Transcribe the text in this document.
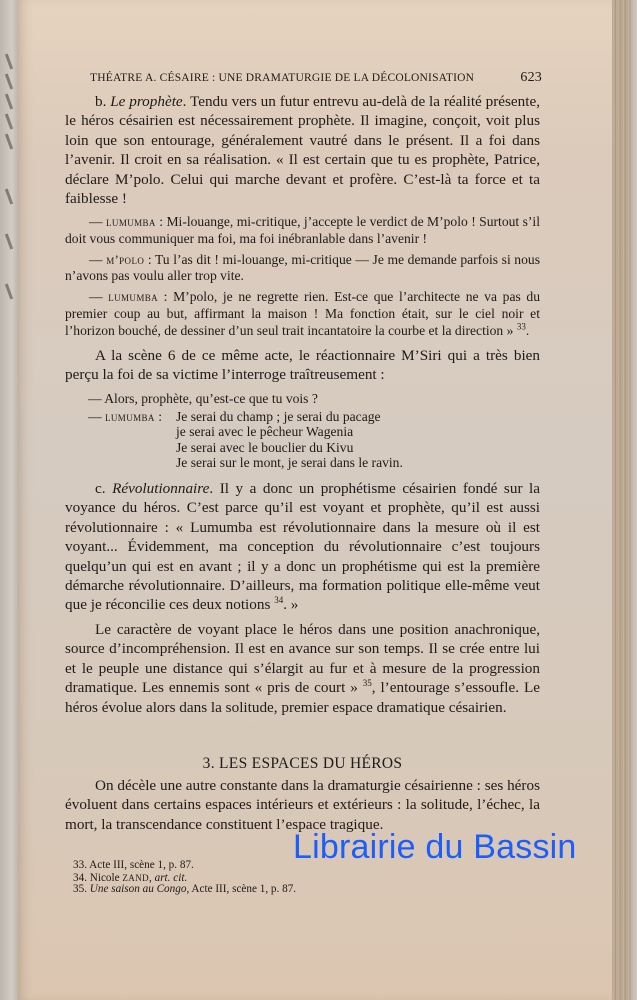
THÉATRE A. CÉSAIRE : UNE DRAMATURGIE DE LA DÉCOLONISATION	623

b. Le prophète. Tendu vers un futur entrevu au-delà de la réalité présente, le héros césairien est nécessairement prophète. Il imagine, conçoit, voit plus loin que son entourage, généralement vautré dans le présent. Il a foi dans l’avenir. Il croit en sa réalisation. « Il est certain que tu es prophète, Patrice, déclare M’polo. Celui qui marche devant et profère. C’est-là ta force et ta faiblesse !

— lumumba : Mi-louange, mi-critique, j’accepte le verdict de M’polo ! Surtout s’il doit vous communiquer ma foi, ma foi inébranlable dans l’avenir !

— m’polo : Tu l’as dit ! mi-louange, mi-critique — Je me demande parfois si nous n’avons pas voulu aller trop vite.

— lumumba : M’polo, je ne regrette rien. Est-ce que l’architecte ne va pas du premier coup au but, affirmant la maison ! Ma fonction était, sur le ciel noir et l’horizon bouché, de dessiner d’un seul trait incantatoire la courbe et la direction » $^{33}$.

A la scène 6 de ce même acte, le réactionnaire M’Siri qui a très bien perçu la foi de sa victime l’interroge traîtreusement :

— Alors, prophète, qu’est-ce que tu vois ?
— lumumba :	Je serai du champ ; je serai du pacage
je serai avec le pêcheur Wagenia
Je serai avec le bouclier du Kivu
Je serai sur le mont, je serai dans le ravin.

c. Révolutionnaire. Il y a donc un prophétisme césairien fondé sur la voyance du héros. C’est parce qu’il est voyant et prophète, qu’il est aussi révolutionnaire : « Lumumba est révolutionnaire dans la mesure où il est voyant... Évidemment, ma conception du révolutionnaire c’est toujours quelqu’un qui est en avant ; il y a donc un prophétisme qui est la première démarche révolutionnaire. D’ailleurs, ma formation politique elle-même veut que je réconcilie ces deux notions $^{34}$. »

Le caractère de voyant place le héros dans une position anachronique, source d’incompréhension. Il est en avance sur son temps. Il se crée entre lui et le peuple une distance qui s’élargit au fur et à mesure de la progression dramatique. Les ennemis sont « pris de court » $^{35}$, l’entourage s’essoufle. Le héros évolue alors dans la solitude, premier espace dramatique césairien.

3. LES ESPACES DU HÉROS

On décèle une autre constante dans la dramaturgie césairienne : ses héros évoluent dans certains espaces intérieurs et extérieurs : la solitude, l’échec, la mort, la transcendance constituent l’espace tragique.

33. Acte III, scène 1, p. 87.
34. Nicole zand, art. cit.
35. Une saison au Congo, Acte III, scène 1, p. 87.
Librairie du Bassin
